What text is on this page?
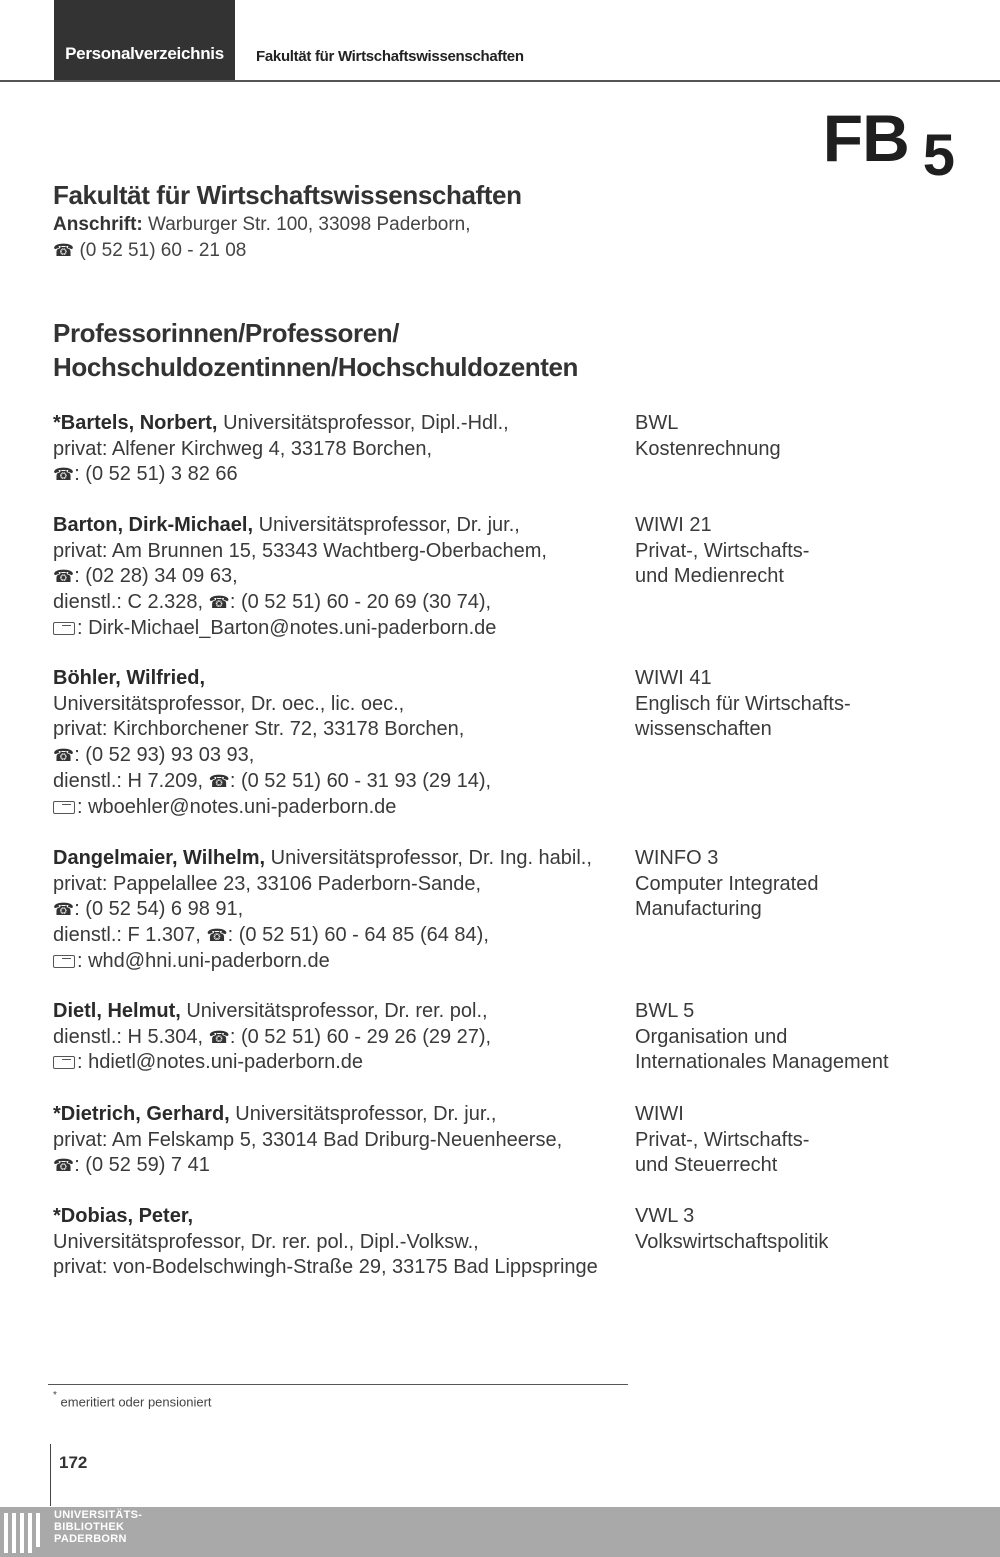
Personalverzeichnis	Fakultät für Wirtschaftswissenschaften
FB 5
Fakultät für Wirtschaftswissenschaften
Anschrift: Warburger Str. 100, 33098 Paderborn,
☎ (0 52 51) 60 - 21 08
Professorinnen/Professoren/
Hochschuldozentinnen/Hochschuldozenten
*Bartels, Norbert, Universitätsprofessor, Dipl.-Hdl.,
privat: Alfener Kirchweg 4, 33178 Borchen,
☎: (0 52 51) 3 82 66
BWL
Kostenrechnung
Barton, Dirk-Michael, Universitätsprofessor, Dr. jur.,
privat: Am Brunnen 15, 53343 Wachtberg-Oberbachem,
☎: (02 28) 34 09 63,
dienstl.: C 2.328, ☎: (0 52 51) 60 - 20 69 (30 74),
: Dirk-Michael_Barton@notes.uni-paderborn.de
WIWI 21
Privat-, Wirtschafts-
und Medienrecht
Böhler, Wilfried,
Universitätsprofessor, Dr. oec., lic. oec.,
privat: Kirchborchener Str. 72, 33178 Borchen,
☎: (0 52 93) 93 03 93,
dienstl.: H 7.209, ☎: (0 52 51) 60 - 31 93 (29 14),
: wboehler@notes.uni-paderborn.de
WIWI 41
Englisch für Wirtschafts-
wissenschaften
Dangelmaier, Wilhelm, Universitätsprofessor, Dr. Ing. habil.,
privat: Pappelallee 23, 33106 Paderborn-Sande,
☎: (0 52 54) 6 98 91,
dienstl.: F 1.307, ☎: (0 52 51) 60 - 64 85 (64 84),
: whd@hni.uni-paderborn.de
WINFO 3
Computer Integrated
Manufacturing
Dietl, Helmut, Universitätsprofessor, Dr. rer. pol.,
dienstl.: H 5.304, ☎: (0 52 51) 60 - 29 26 (29 27),
: hdietl@notes.uni-paderborn.de
BWL 5
Organisation und
Internationales Management
*Dietrich, Gerhard, Universitätsprofessor, Dr. jur.,
privat: Am Felskamp 5, 33014 Bad Driburg-Neuenheerse,
☎: (0 52 59) 7 41
WIWI
Privat-, Wirtschafts-
und Steuerrecht
*Dobias, Peter,
Universitätsprofessor, Dr. rer. pol., Dipl.-Volksw.,
privat: von-Bodelschwingh-Straße 29, 33175 Bad Lippspringe
VWL 3
Volkswirtschaftspolitik
* emeritiert oder pensioniert
172
UNIVERSITÄTS-
BIBLIOTHEK
PADERBORN
